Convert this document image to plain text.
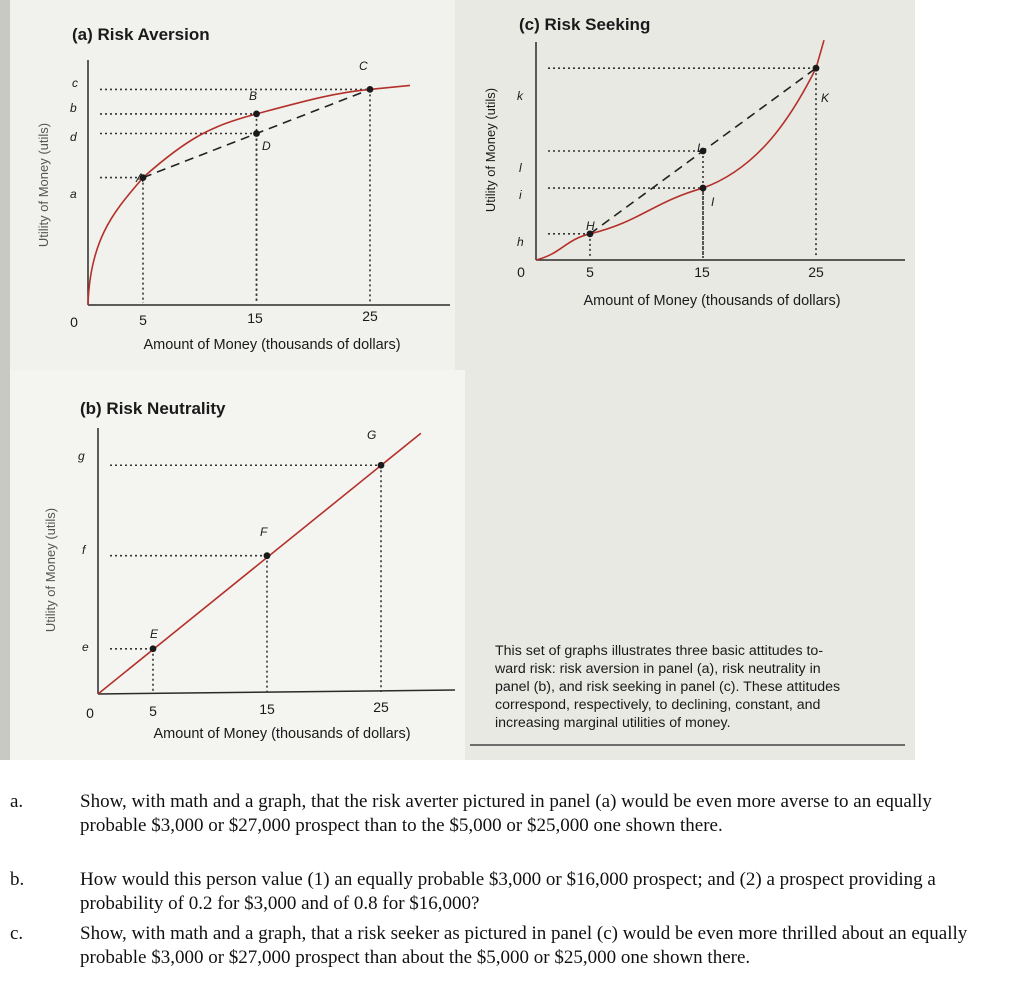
(a) Risk Aversion
Utility of Money (utils)
Amount of Money (thousands of dollars)
0	5	15	25
c
b
d
a
A
B
C
D
(b) Risk Neutrality
Utility of Money (utils)
Amount of Money (thousands of dollars)
0	5	15	25
g
f
e
E
F
G
(c) Risk Seeking
Utility of Money (utils)
Amount of Money (thousands of dollars)
0	5	15	25
k
l
i
h
H
I
L
K
This set of graphs illustrates three basic attitudes to-
ward risk: risk aversion in panel (a), risk neutrality in
panel (b), and risk seeking in panel (c). These attitudes
correspond, respectively, to declining, constant, and
increasing marginal utilities of money.
a.	Show, with math and a graph, that the risk averter pictured in panel (a) would be even more averse to an equally probable $3,000 or $27,000 prospect than to the $5,000 or $25,000 one shown there.
b.	How would this person value (1) an equally probable $3,000 or $16,000 prospect; and (2) a prospect providing a probability of 0.2 for $3,000 and of 0.8 for $16,000?
c.	Show, with math and a graph, that a risk seeker as pictured in panel (c) would be even more thrilled about an equally probable $3,000 or $27,000 prospect than about the $5,000 or $25,000 one shown there.
